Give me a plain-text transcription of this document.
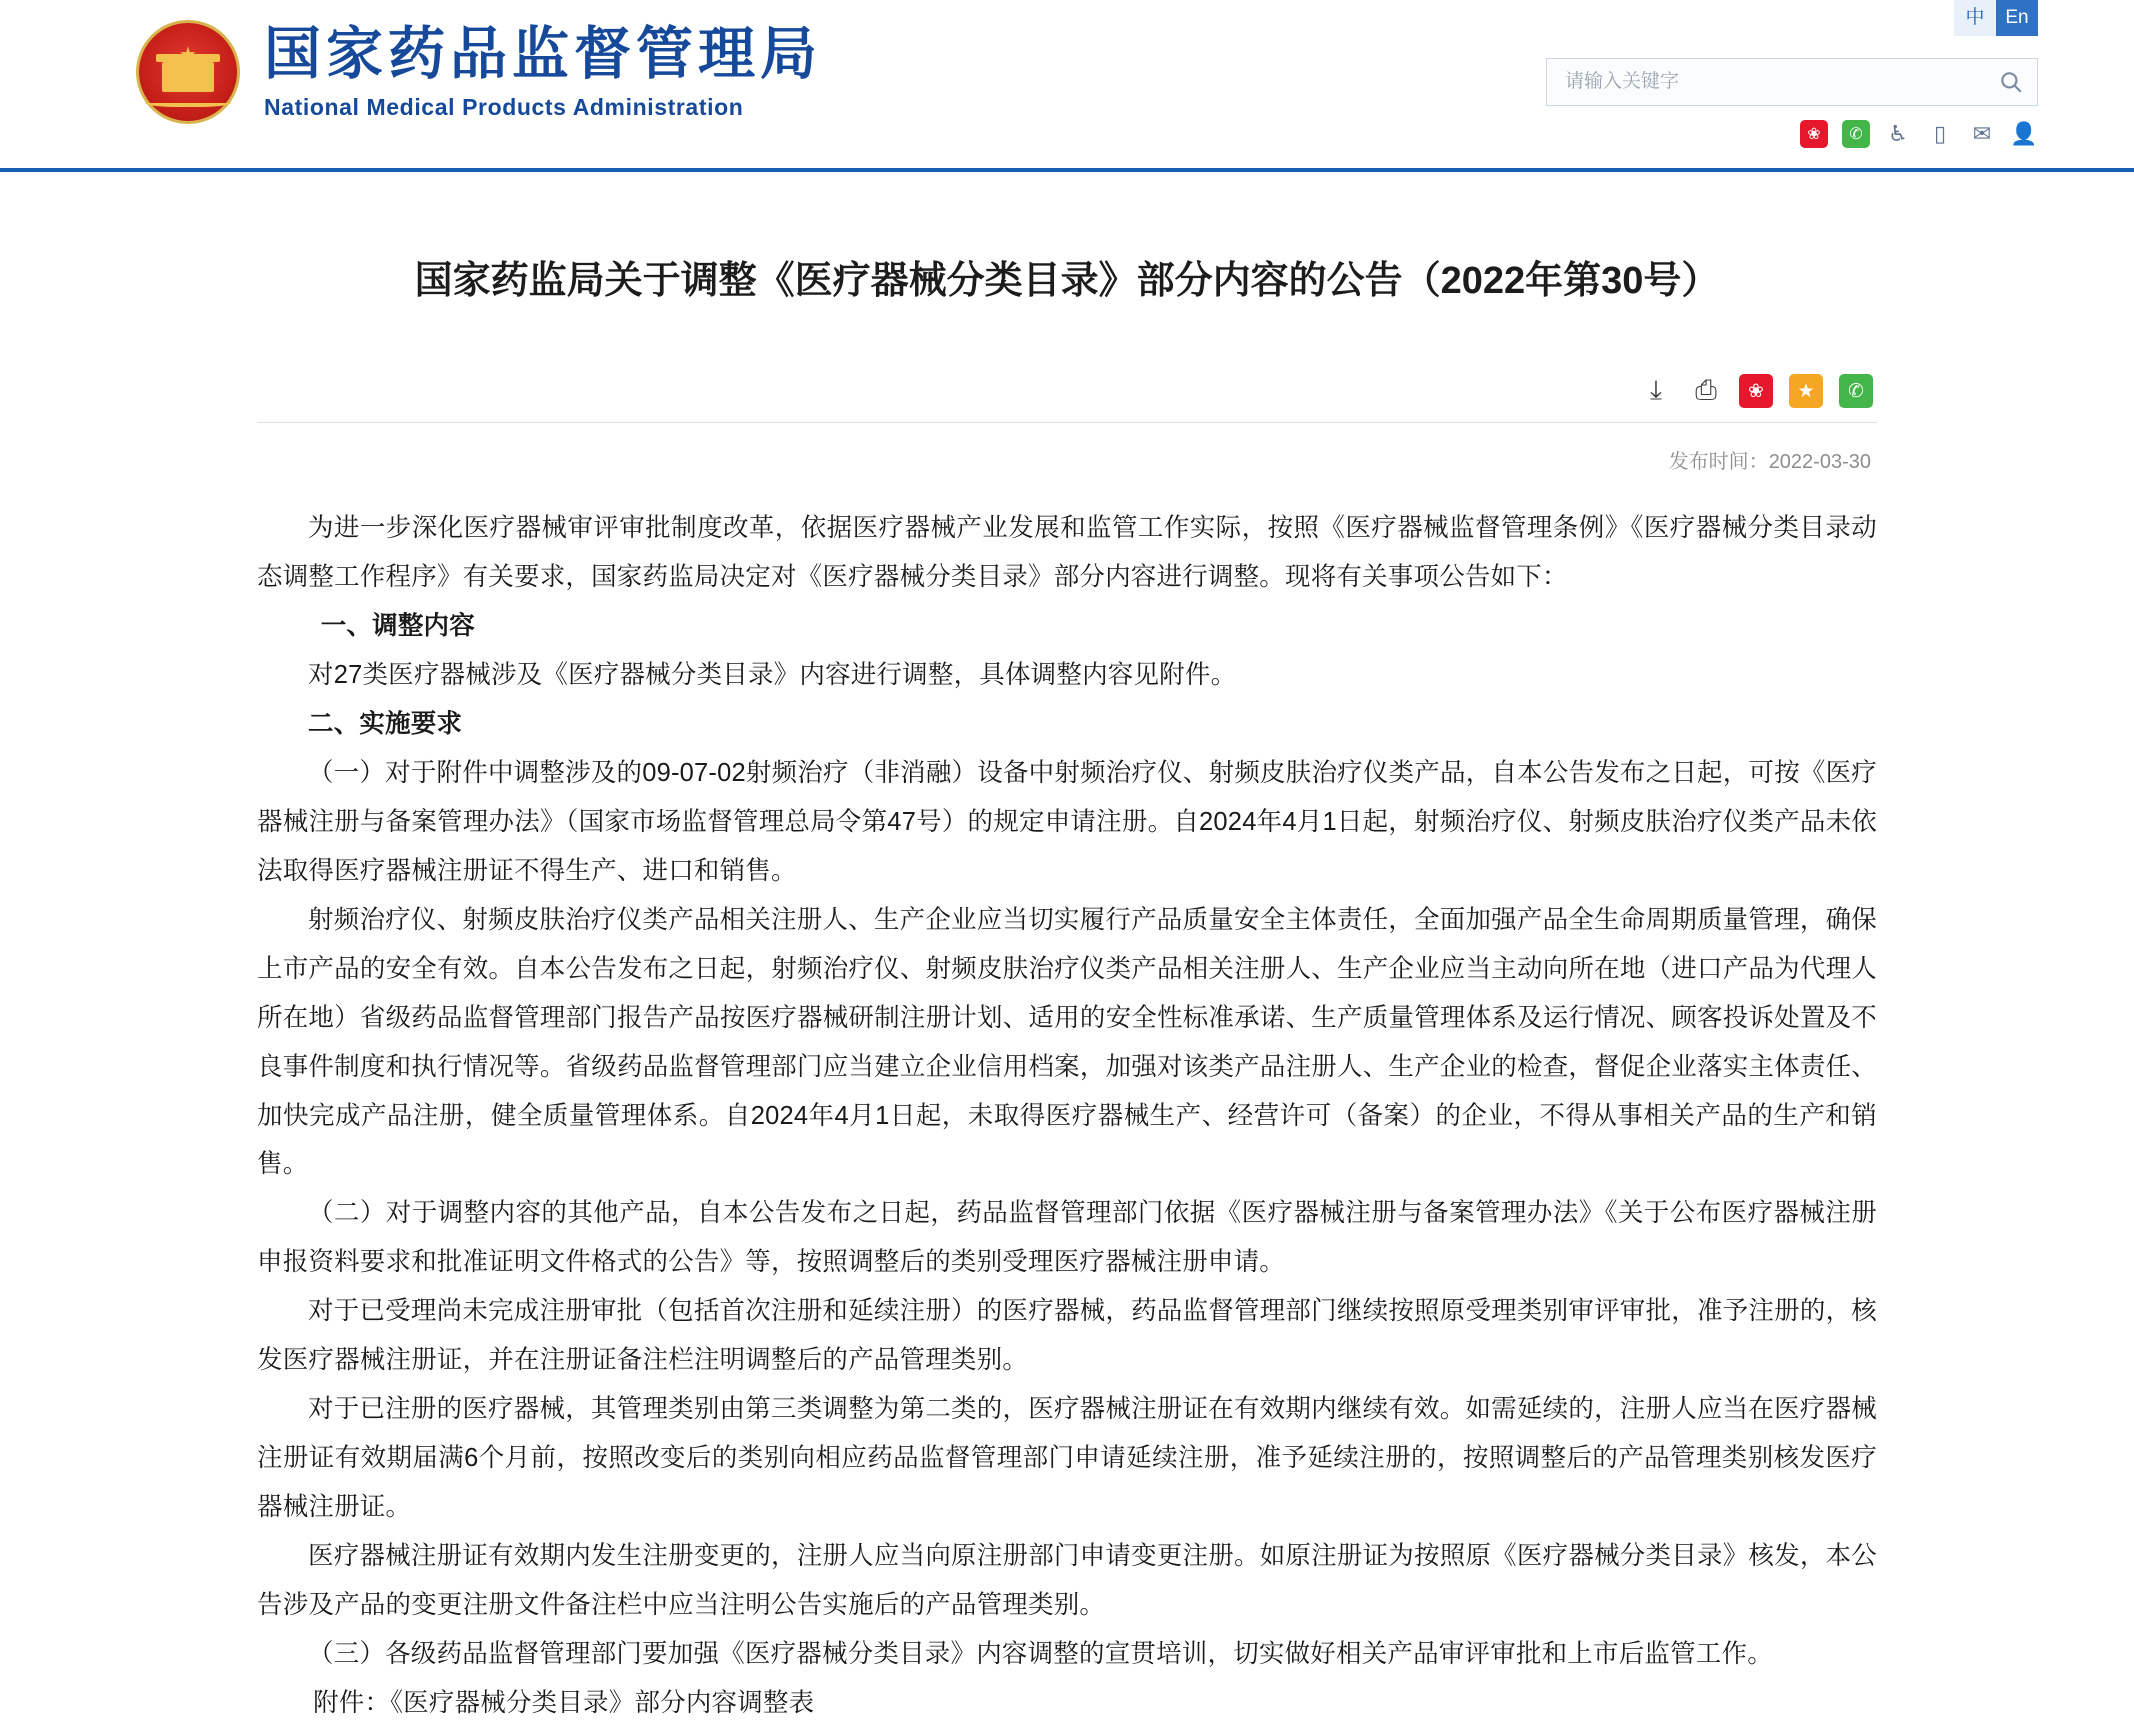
中	En
国家药品监督管理局
National Medical Products Administration
请输入关键字
❀	✆	♿	▯	✉ 👤
国家药监局关于调整《医疗器械分类目录》部分内容的公告（2022年第30号）
⤓	⎙	❀	★	✆
发布时间：2022-03-30

为进一步深化医疗器械审评审批制度改革，依据医疗器械产业发展和监管工作实际，按照《医疗器械监督管理条例》《医疗器械分类目录动态调整工作程序》有关要求，国家药监局决定对《医疗器械分类目录》部分内容进行调整。现将有关事项公告如下：

一、调整内容

对27类医疗器械涉及《医疗器械分类目录》内容进行调整，具体调整内容见附件。

二、实施要求

（一）对于附件中调整涉及的09-07-02射频治疗（非消融）设备中射频治疗仪、射频皮肤治疗仪类产品，自本公告发布之日起，可按《医疗器械注册与备案管理办法》（国家市场监督管理总局令第47号）的规定申请注册。自2024年4月1日起，射频治疗仪、射频皮肤治疗仪类产品未依法取得医疗器械注册证不得生产、进口和销售。

射频治疗仪、射频皮肤治疗仪类产品相关注册人、生产企业应当切实履行产品质量安全主体责任，全面加强产品全生命周期质量管理，确保上市产品的安全有效。自本公告发布之日起，射频治疗仪、射频皮肤治疗仪类产品相关注册人、生产企业应当主动向所在地（进口产品为代理人所在地）省级药品监督管理部门报告产品按医疗器械研制注册计划、适用的安全性标准承诺、生产质量管理体系及运行情况、顾客投诉处置及不良事件制度和执行情况等。省级药品监督管理部门应当建立企业信用档案，加强对该类产品注册人、生产企业的检查，督促企业落实主体责任、加快完成产品注册，健全质量管理体系。自2024年4月1日起，未取得医疗器械生产、经营许可（备案）的企业，不得从事相关产品的生产和销售。

（二）对于调整内容的其他产品，自本公告发布之日起，药品监督管理部门依据《医疗器械注册与备案管理办法》《关于公布医疗器械注册申报资料要求和批准证明文件格式的公告》等，按照调整后的类别受理医疗器械注册申请。

对于已受理尚未完成注册审批（包括首次注册和延续注册）的医疗器械，药品监督管理部门继续按照原受理类别审评审批，准予注册的，核发医疗器械注册证，并在注册证备注栏注明调整后的产品管理类别。

对于已注册的医疗器械，其管理类别由第三类调整为第二类的，医疗器械注册证在有效期内继续有效。如需延续的，注册人应当在医疗器械注册证有效期届满6个月前，按照改变后的类别向相应药品监督管理部门申请延续注册，准予延续注册的，按照调整后的产品管理类别核发医疗器械注册证。

医疗器械注册证有效期内发生注册变更的，注册人应当向原注册部门申请变更注册。如原注册证为按照原《医疗器械分类目录》核发，本公告涉及产品的变更注册文件备注栏中应当注明公告实施后的产品管理类别。

（三）各级药品监督管理部门要加强《医疗器械分类目录》内容调整的宣贯培训，切实做好相关产品审评审批和上市后监管工作。

附件：《医疗器械分类目录》部分内容调整表
